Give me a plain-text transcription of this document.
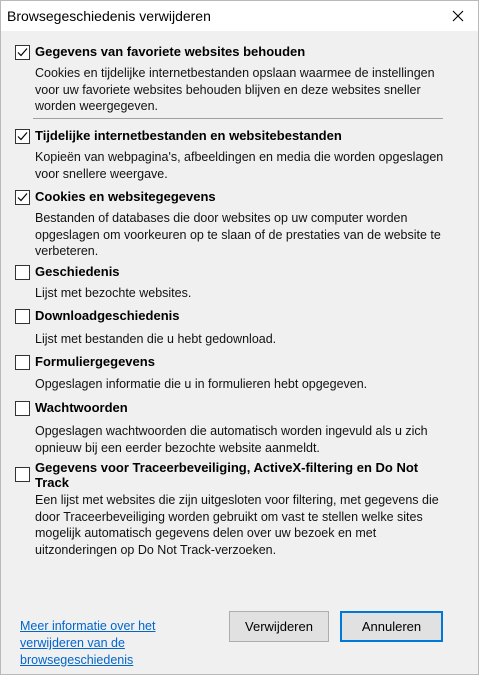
Browsegeschiedenis verwijderen
Gegevens van favoriete websites behouden
Cookies en tijdelijke internetbestanden opslaan waarmee de instellingen voor uw favoriete websites behouden blijven en deze websites sneller worden weergegeven.
Tijdelijke internetbestanden en websitebestanden
Kopieën van webpagina's, afbeeldingen en media die worden opgeslagen voor snellere weergave.
Cookies en websitegegevens
Bestanden of databases die door websites op uw computer worden opgeslagen om voorkeuren op te slaan of de prestaties van de website te verbeteren.
Geschiedenis
Lijst met bezochte websites.
Downloadgeschiedenis
Lijst met bestanden die u hebt gedownload.
Formuliergegevens
Opgeslagen informatie die u in formulieren hebt opgegeven.
Wachtwoorden
Opgeslagen wachtwoorden die automatisch worden ingevuld als u zich opnieuw bij een eerder bezochte website aanmeldt.
Gegevens voor Traceerbeveiliging, ActiveX-filtering en Do Not Track
Een lijst met websites die zijn uitgesloten voor filtering, met gegevens die door Traceerbeveiliging worden gebruikt om vast te stellen welke sites mogelijk automatisch gegevens delen over uw bezoek en met uitzonderingen op Do Not Track-verzoeken.
Meer informatie over het verwijderen van de browsegeschiedenis
Verwijderen	Annuleren
